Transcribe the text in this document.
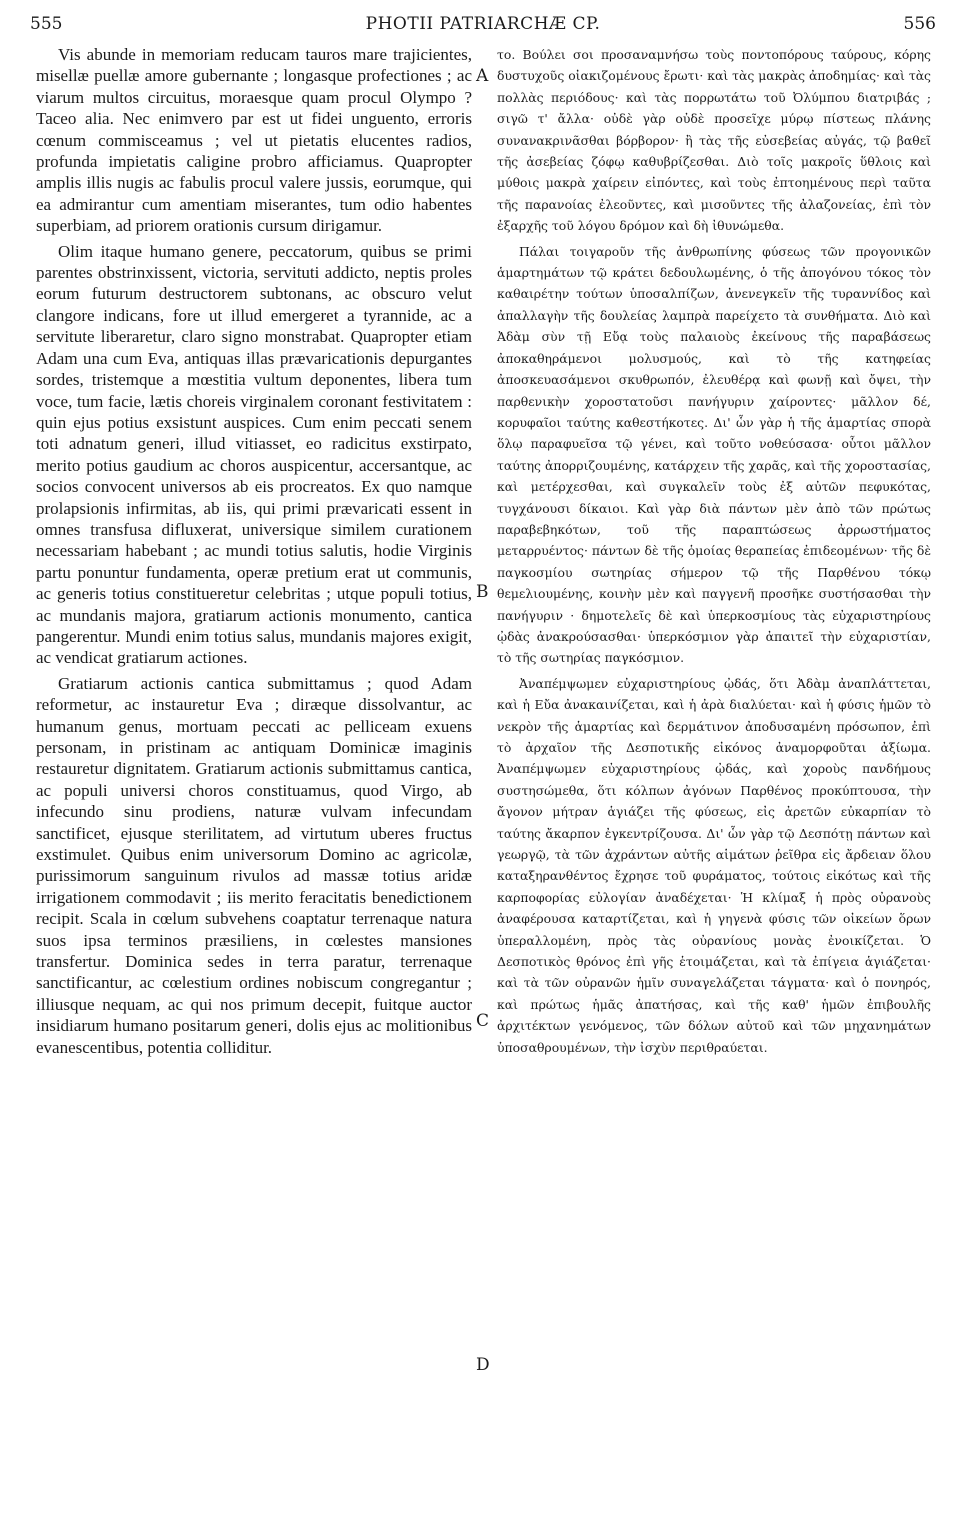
555	PHOTII PATRIARCHÆ CP.	556

Vis abunde in memoriam reducam tauros mare trajicientes, misellæ puellæ amore gubernante ; longasque profectiones ; ac viarum multos circuitus, moraesque quam procul Olympo ? Taceo alia. Nec enimvero par est ut fidei unguento, erroris cœnum commisceamus ; vel ut pietatis elucentes radios, profunda impietatis caligine probro afficiamus. Quapropter amplis illis nugis ac fabulis procul valere jussis, eorumque, qui ea admirantur cum amentiam miserantes, tum odio habentes superbiam, ad priorem orationis cursum dirigamur.

Olim itaque humano genere, peccatorum, quibus se primi parentes obstrinxissent, victoria, servituti addicto, neptis proles eorum futurum destructorem subtonans, ac obscuro velut clangore indicans, fore ut illud emergeret a tyrannide, ac a servitute liberaretur, claro signo monstrabat. Quapropter etiam Adam una cum Eva, antiquas illas prævaricationis depurgantes sordes, tristemque a mœstitia vultum deponentes, libera tum voce, tum facie, lætis choreis virginalem coronant festivitatem : quin ejus potius exsistunt auspices. Cum enim peccati senem toti adnatum generi, illud vitiasset, eo radicitus exstirpato, merito potius gaudium ac choros auspicentur, accersantque, ac socios convocent universos ab eis procreatos. Ex quo namque prolapsionis infirmitas, ab iis, qui primi prævaricati essent in omnes transfusa difluxerat, universique similem curationem necessariam habebant ; ac mundi totius salutis, hodie Virginis partu ponuntur fundamenta, operæ pretium erat ut communis, ac generis totius constitueretur celebritas ; utque populi totius, ac mundanis majora, gratiarum actionis monumento, cantica pangerentur. Mundi enim totius salus, mundanis majores exigit, ac vendicat gratiarum actiones.

Gratiarum actionis cantica submittamus ; quod Adam reformetur, ac instauretur Eva ; diræque dissolvantur, ac humanum genus, mortuam peccati ac pelliceam exuens personam, in pristinam ac antiquam Dominicæ imaginis restauretur dignitatem. Gratiarum actionis submittamus cantica, ac populi universi choros constituamus, quod Virgo, ab infecundo sinu prodiens, naturæ vulvam infecundam sanctificet, ejusque sterilitatem, ad virtutum uberes fructus exstimulet. Quibus enim universorum Domino ac agricolæ, purissimorum sanguinum rivulos ad massæ totius aridæ irrigationem commodavit ; iis merito feracitatis benedictionem recipit. Scala in cœlum subvehens coaptatur terrenaque natura suos ipsa terminos præsiliens, in cœlestes mansiones transfertur. Dominica sedes in terra paratur, terrenaque sanctificantur, ac cœlestium ordines nobiscum congregantur ; illiusque nequam, ac qui nos primum decepit, fuitque auctor insidiarum humano positarum generi, dolis ejus ac molitionibus evanescentibus, potentia colliditur.

το. Βούλει σοι προσαναμνήσω τοὺς ποντοπόρους ταύρους, κόρης δυστυχοῦς οἰακιζομένους ἔρωτι· καὶ τὰς μακρὰς ἀποδημίας· καὶ τὰς πολλὰς περιόδους· καὶ τὰς πορρωτάτω τοῦ Ὀλύμπου διατριβάς ; σιγῶ τ' ἄλλα· οὐδὲ γὰρ οὐδὲ προσεῖχε μύρῳ πίστεως πλάνης συνανακρινᾶσθαι βόρβορον· ἢ τὰς τῆς εὐσεβείας αὐγάς, τῷ βαθεῖ τῆς ἀσεβείας ζόφῳ καθυβρίζεσθαι. Διὸ τοῖς μακροῖς ὕθλοις καὶ μύθοις μακρὰ χαίρειν εἰπόντες, καὶ τοὺς ἐπτοημένους περὶ ταῦτα τῆς παρανοίας ἐλεοῦντες, καὶ μισοῦντες τῆς ἀλαζονείας, ἐπὶ τὸν ἐξαρχῆς τοῦ λόγου δρόμον καὶ δὴ ἰθυνώμεθα.

Πάλαι τοιγαροῦν τῆς ἀνθρωπίνης φύσεως τῶν προγονικῶν ἁμαρτημάτων τῷ κράτει δεδουλωμένης, ὁ τῆς ἀπογόνου τόκος τὸν καθαιρέτην τούτων ὑποσαλπίζων, ἀνενεγκεῖν τῆς τυραννίδος καὶ ἀπαλλαγὴν τῆς δουλείας λαμπρὰ παρείχετο τὰ συνθήματα. Διὸ καὶ Ἀδὰμ σὺν τῇ Εὔᾳ τοὺς παλαιοὺς ἐκείνους τῆς παραβάσεως ἀποκαθηράμενοι μολυσμούς, καὶ τὸ τῆς κατηφείας ἀποσκευασάμενοι σκυθρωπόν, ἐλευθέρᾳ καὶ φωνῇ καὶ ὄψει, τὴν παρθενικὴν χοροστατοῦσι πανήγυριν χαίροντες· μᾶλλον δέ, κορυφαῖοι ταύτης καθεστήκοτες. Δι' ὧν γὰρ ἡ τῆς ἁμαρτίας σπορὰ ὅλῳ παραφυεῖσα τῷ γένει, καὶ τοῦτο νοθεύσασα· οὗτοι μᾶλλον ταύτης ἀπορριζουμένης, κατάρχειν τῆς χαρᾶς, καὶ τῆς χοροστασίας, καὶ μετέρχεσθαι, καὶ συγκαλεῖν τοὺς ἐξ αὐτῶν πεφυκότας, τυγχάνουσι δίκαιοι. Καὶ γὰρ διὰ πάντων μὲν ἀπὸ τῶν πρώτως παραβεβηκότων, τοῦ τῆς παραπτώσεως ἀρρωστήματος μεταρρυέντος· πάντων δὲ τῆς ὁμοίας θεραπείας ἐπιδεομένων· τῆς δὲ παγκοσμίου σωτηρίας σήμερον τῷ τῆς Παρθένου τόκῳ θεμελιουμένης, κοινὴν μὲν καὶ παγγενῆ προσῆκε συστήσασθαι τὴν πανήγυριν · δημοτελεῖς δὲ καὶ ὑπερκοσμίους τὰς εὐχαριστηρίους ᾠδὰς ἀνακρούσασθαι· ὑπερκόσμιον γὰρ ἀπαιτεῖ τὴν εὐχαριστίαν, τὸ τῆς σωτηρίας παγκόσμιον.

Ἀναπέμψωμεν εὐχαριστηρίους ᾠδάς, ὅτι Ἀδὰμ ἀναπλάττεται, καὶ ἡ Εὔα ἀνακαινίζεται, καὶ ἡ ἀρὰ διαλύεται· καὶ ἡ φύσις ἡμῶν τὸ νεκρὸν τῆς ἁμαρτίας καὶ δερμάτινον ἀποδυσαμένη πρόσωπον, ἐπὶ τὸ ἀρχαῖον τῆς Δεσποτικῆς εἰκόνος ἀναμορφοῦται ἀξίωμα. Ἀναπέμψωμεν εὐχαριστηρίους ᾠδάς, καὶ χοροὺς πανδήμους συστησώμεθα, ὅτι κόλπων ἀγόνων Παρθένος προκύπτουσα, τὴν ἄγονον μήτραν ἁγιάζει τῆς φύσεως, εἰς ἀρετῶν εὐκαρπίαν τὸ ταύτης ἄκαρπον ἐγκεντρίζουσα. Δι' ὧν γὰρ τῷ Δεσπότῃ πάντων καὶ γεωργῷ, τὰ τῶν ἀχράντων αὐτῆς αἱμάτων ῥεῖθρα εἰς ἄρδειαν ὅλου καταξηρανθέντος ἔχρησε τοῦ φυράματος, τούτοις εἰκότως καὶ τῆς καρποφορίας εὐλογίαν ἀναδέχεται· Ἡ κλίμαξ ἡ πρὸς οὐρανοὺς ἀναφέρουσα καταρτίζεται, καὶ ἡ γηγενὰ φύσις τῶν οἰκείων ὅρων ὑπεραλλομένη, πρὸς τὰς οὐρανίους μονὰς ἐνοικίζεται. Ὁ Δεσποτικὸς θρόνος ἐπὶ γῆς ἑτοιμάζεται, καὶ τὰ ἐπίγεια ἁγιάζεται· καὶ τὰ τῶν οὐρανῶν ἡμῖν συναγελάζεται τάγματα· καὶ ὁ πονηρός, καὶ πρώτως ἡμᾶς ἀπατήσας, καὶ τῆς καθ' ἡμῶν ἐπιβουλῆς ἀρχιτέκτων γενόμενος, τῶν δόλων αὐτοῦ καὶ τῶν μηχανημάτων ὑποσαθρουμένων, τὴν ἰσχὺν περιθραύεται.

A
B
C
D
